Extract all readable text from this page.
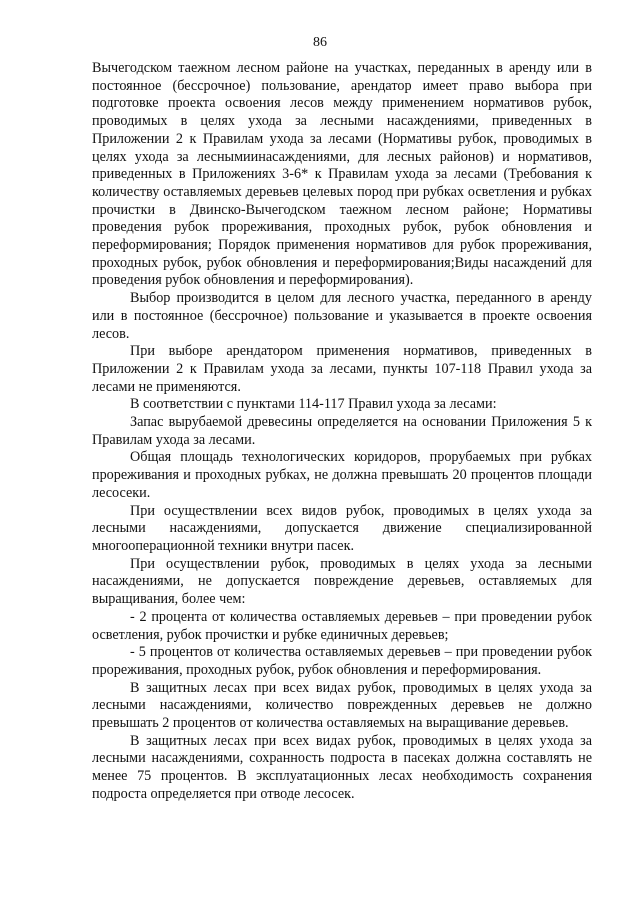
86

Вычегодском таежном лесном районе на участках, переданных в аренду или в постоянное (бессрочное) пользование, арендатор имеет право выбора при подготовке проекта освоения лесов между применением нормативов рубок, проводимых в целях ухода за лесными насаждениями, приведенных в Приложении 2 к Правилам ухода за лесами (Нормативы рубок, проводимых в целях ухода за леснымиинасаждениями, для лесных районов) и нормативов, приведенных в Приложениях 3-6* к Правилам ухода за лесами (Требования к количеству оставляемых деревьев целевых пород при рубках осветления и рубках прочистки в Двинско-Вычегодском таежном лесном районе; Нормативы проведения рубок прореживания, проходных рубок, рубок обновления и переформирования; Порядок применения нормативов для рубок прореживания, проходных рубок, рубок обновления и переформирования;Виды насаждений для проведения рубок обновления и переформирования).

Выбор производится в целом для лесного участка, переданного в аренду или в постоянное (бессрочное) пользование и указывается в проекте освоения лесов.

При выборе арендатором применения нормативов, приведенных в Приложении 2 к Правилам ухода за лесами, пункты 107-118 Правил ухода за лесами не применяются.

В соответствии с пунктами 114-117 Правил ухода за лесами:

Запас вырубаемой древесины определяется на основании Приложения 5 к Правилам ухода за лесами.

Общая площадь технологических коридоров, прорубаемых при рубках прореживания и проходных рубках, не должна превышать 20 процентов площади лесосеки.

При осуществлении всех видов рубок, проводимых в целях ухода за лесными насаждениями, допускается движение специализированной многооперационной техники внутри пасек.

При осуществлении рубок, проводимых в целях ухода за лесными насаждениями, не допускается повреждение деревьев, оставляемых для выращивания, более чем:

- 2 процента от количества оставляемых деревьев – при проведении рубок осветления, рубок прочистки и рубке единичных деревьев;

- 5 процентов от количества оставляемых деревьев – при проведении рубок прореживания, проходных рубок, рубок обновления и переформирования.

В защитных лесах при всех видах рубок, проводимых в целях ухода за лесными насаждениями, количество поврежденных деревьев не должно превышать 2 процентов от количества оставляемых на выращивание деревьев.

В защитных лесах при всех видах рубок, проводимых в целях ухода за лесными насаждениями, сохранность подроста в пасеках должна составлять не менее 75 процентов. В эксплуатационных лесах необходимость сохранения подроста определяется при отводе лесосек.
